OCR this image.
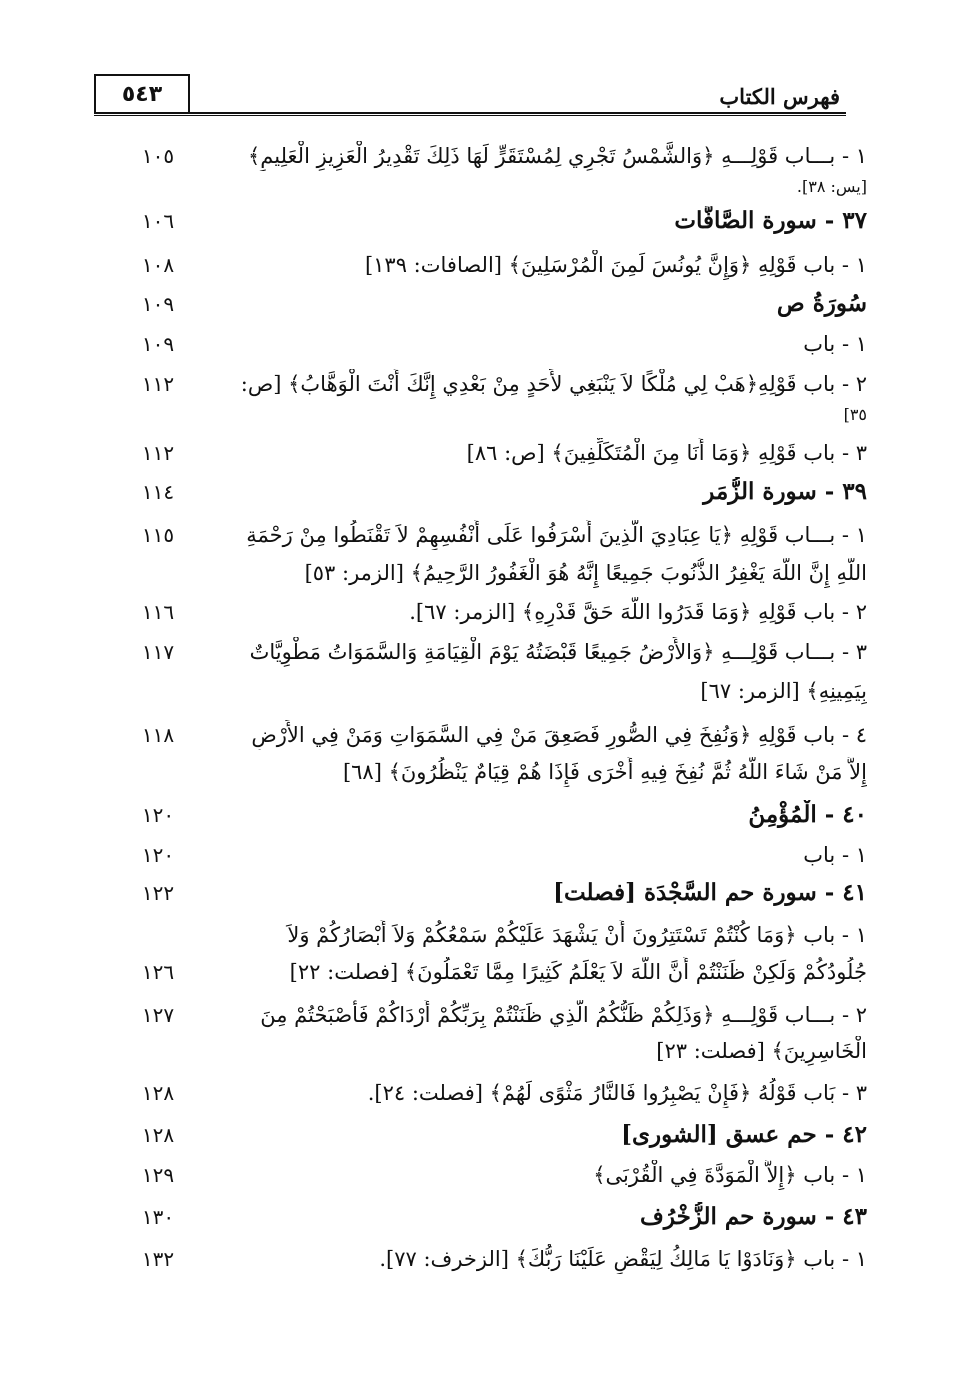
٥٤٣	فهرس الكتاب
١ - بـــاب قَوْلِـــهِ ﴿وَالشَّمْسُ تَجْرِي لِمُسْتَقَرٍّ لَهَا ذَلِكَ تَقْدِيرُ الْعَزِيزِ الْعَلِيمِ﴾
١٠٥
[يس: ٣٨].
٣٧ - سورة الصَّافَّات
١٠٦
١ - باب قَوْلِهِ ﴿وَإِنَّ يُونُسَ لَمِنَ الْمُرْسَلِينَ﴾ [الصافات: ١٣٩]
١٠٨
سُورَةُ ص
١٠٩
١ - باب
١٠٩
٢ - باب قَوْلِهِ﴿هَبْ لِي مُلْكًا لاَ يَنْبَغِي لأَحَدٍ مِنْ بَعْدِي إِنَّكَ أَنْتَ الْوَهَّابُ﴾ [ص:
١١٢
٣٥]
٣ - باب قَوْلِهِ ﴿وَمَا أَنَا مِنَ الْمُتَكَلِّفِينَ﴾ [ص: ٨٦]
١١٢
٣٩ - سورة الزُّمَر
١١٤
١ - بـــاب قَوْلِهِ ﴿يَا عِبَادِيَ الَّذِينَ أَسْرَفُوا عَلَى أَنْفُسِهِمْ لاَ تَقْنَطُوا مِنْ رَحْمَةِ
١١٥
اللَّهِ إِنَّ اللَّهَ يَغْفِرُ الذُّنُوبَ جَمِيعًا إِنَّهُ هُوَ الْغَفُورُ الرَّحِيمُ﴾ [الزمر: ٥٣]
٢ - باب قَوْلِهِ ﴿وَمَا قَدَرُوا اللَّهَ حَقَّ قَدْرِهِ﴾ [الزمر: ٦٧].
١١٦
٣ - بـــاب قَوْلِـــهِ ﴿وَالأَرْضُ جَمِيعًا قَبْضَتُهُ يَوْمَ الْقِيَامَةِ وَالسَّمَوَاتُ مَطْوِيَّاتٌ
١١٧
بِيَمِينِهِ﴾ [الزمر: ٦٧]
٤ - باب قَوْلِهِ ﴿وَنُفِخَ فِي الصُّورِ فَصَعِقَ مَنْ فِي السَّمَوَاتِ وَمَنْ فِي الأَرْضِ
١١٨
إِلاَّ مَنْ شَاءَ اللَّهُ ثُمَّ نُفِخَ فِيهِ أُخْرَى فَإِذَا هُمْ قِيَامٌ يَنْظُرُونَ﴾ [٦٨]
٤٠ - الْمُؤْمِنُ
١٢٠
١ - باب
١٢٠
٤١ - سورة حم السَّجْدَة [فصلت]
١٢٢
١ - باب ﴿وَمَا كُنْتُمْ تَسْتَتِرُونَ أَنْ يَشْهَدَ عَلَيْكُمْ سَمْعُكُمْ وَلاَ أَبْصَارُكُمْ وَلاَ
جُلُودُكُمْ وَلَكِنْ ظَنَنْتُمْ أَنَّ اللَّهَ لاَ يَعْلَمُ كَثِيرًا مِمَّا تَعْمَلُونَ﴾ [فصلت: ٢٢]
١٢٦
٢ - بـــاب قَوْلِـــهِ ﴿وَذَلِكُمْ ظَنُّكُمُ الَّذِي ظَنَنْتُمْ بِرَبِّكُمْ أَرْدَاكُمْ فَأَصْبَحْتُمْ مِنَ
١٢٧
الْخَاسِرِينَ﴾ [فصلت: ٢٣]
٣ - بَاب قَوْلُهُ ﴿فَإِنْ يَصْبِرُوا فَالنَّارُ مَثْوًى لَهُمْ﴾ [فصلت: ٢٤].
١٢٨
٤٢ - حم عسق [الشورى]
١٢٨
١ - باب ﴿إِلاَّ الْمَوَدَّةَ فِي الْقُرْبَى﴾
١٢٩
٤٣ - سورة حم الزُّخْرُف
١٣٠
١ - باب ﴿وَنَادَوْا يَا مَالِكُ لِيَقْضِ عَلَيْنَا رَبُّكَ﴾ [الزخرف: ٧٧].
١٣٢
